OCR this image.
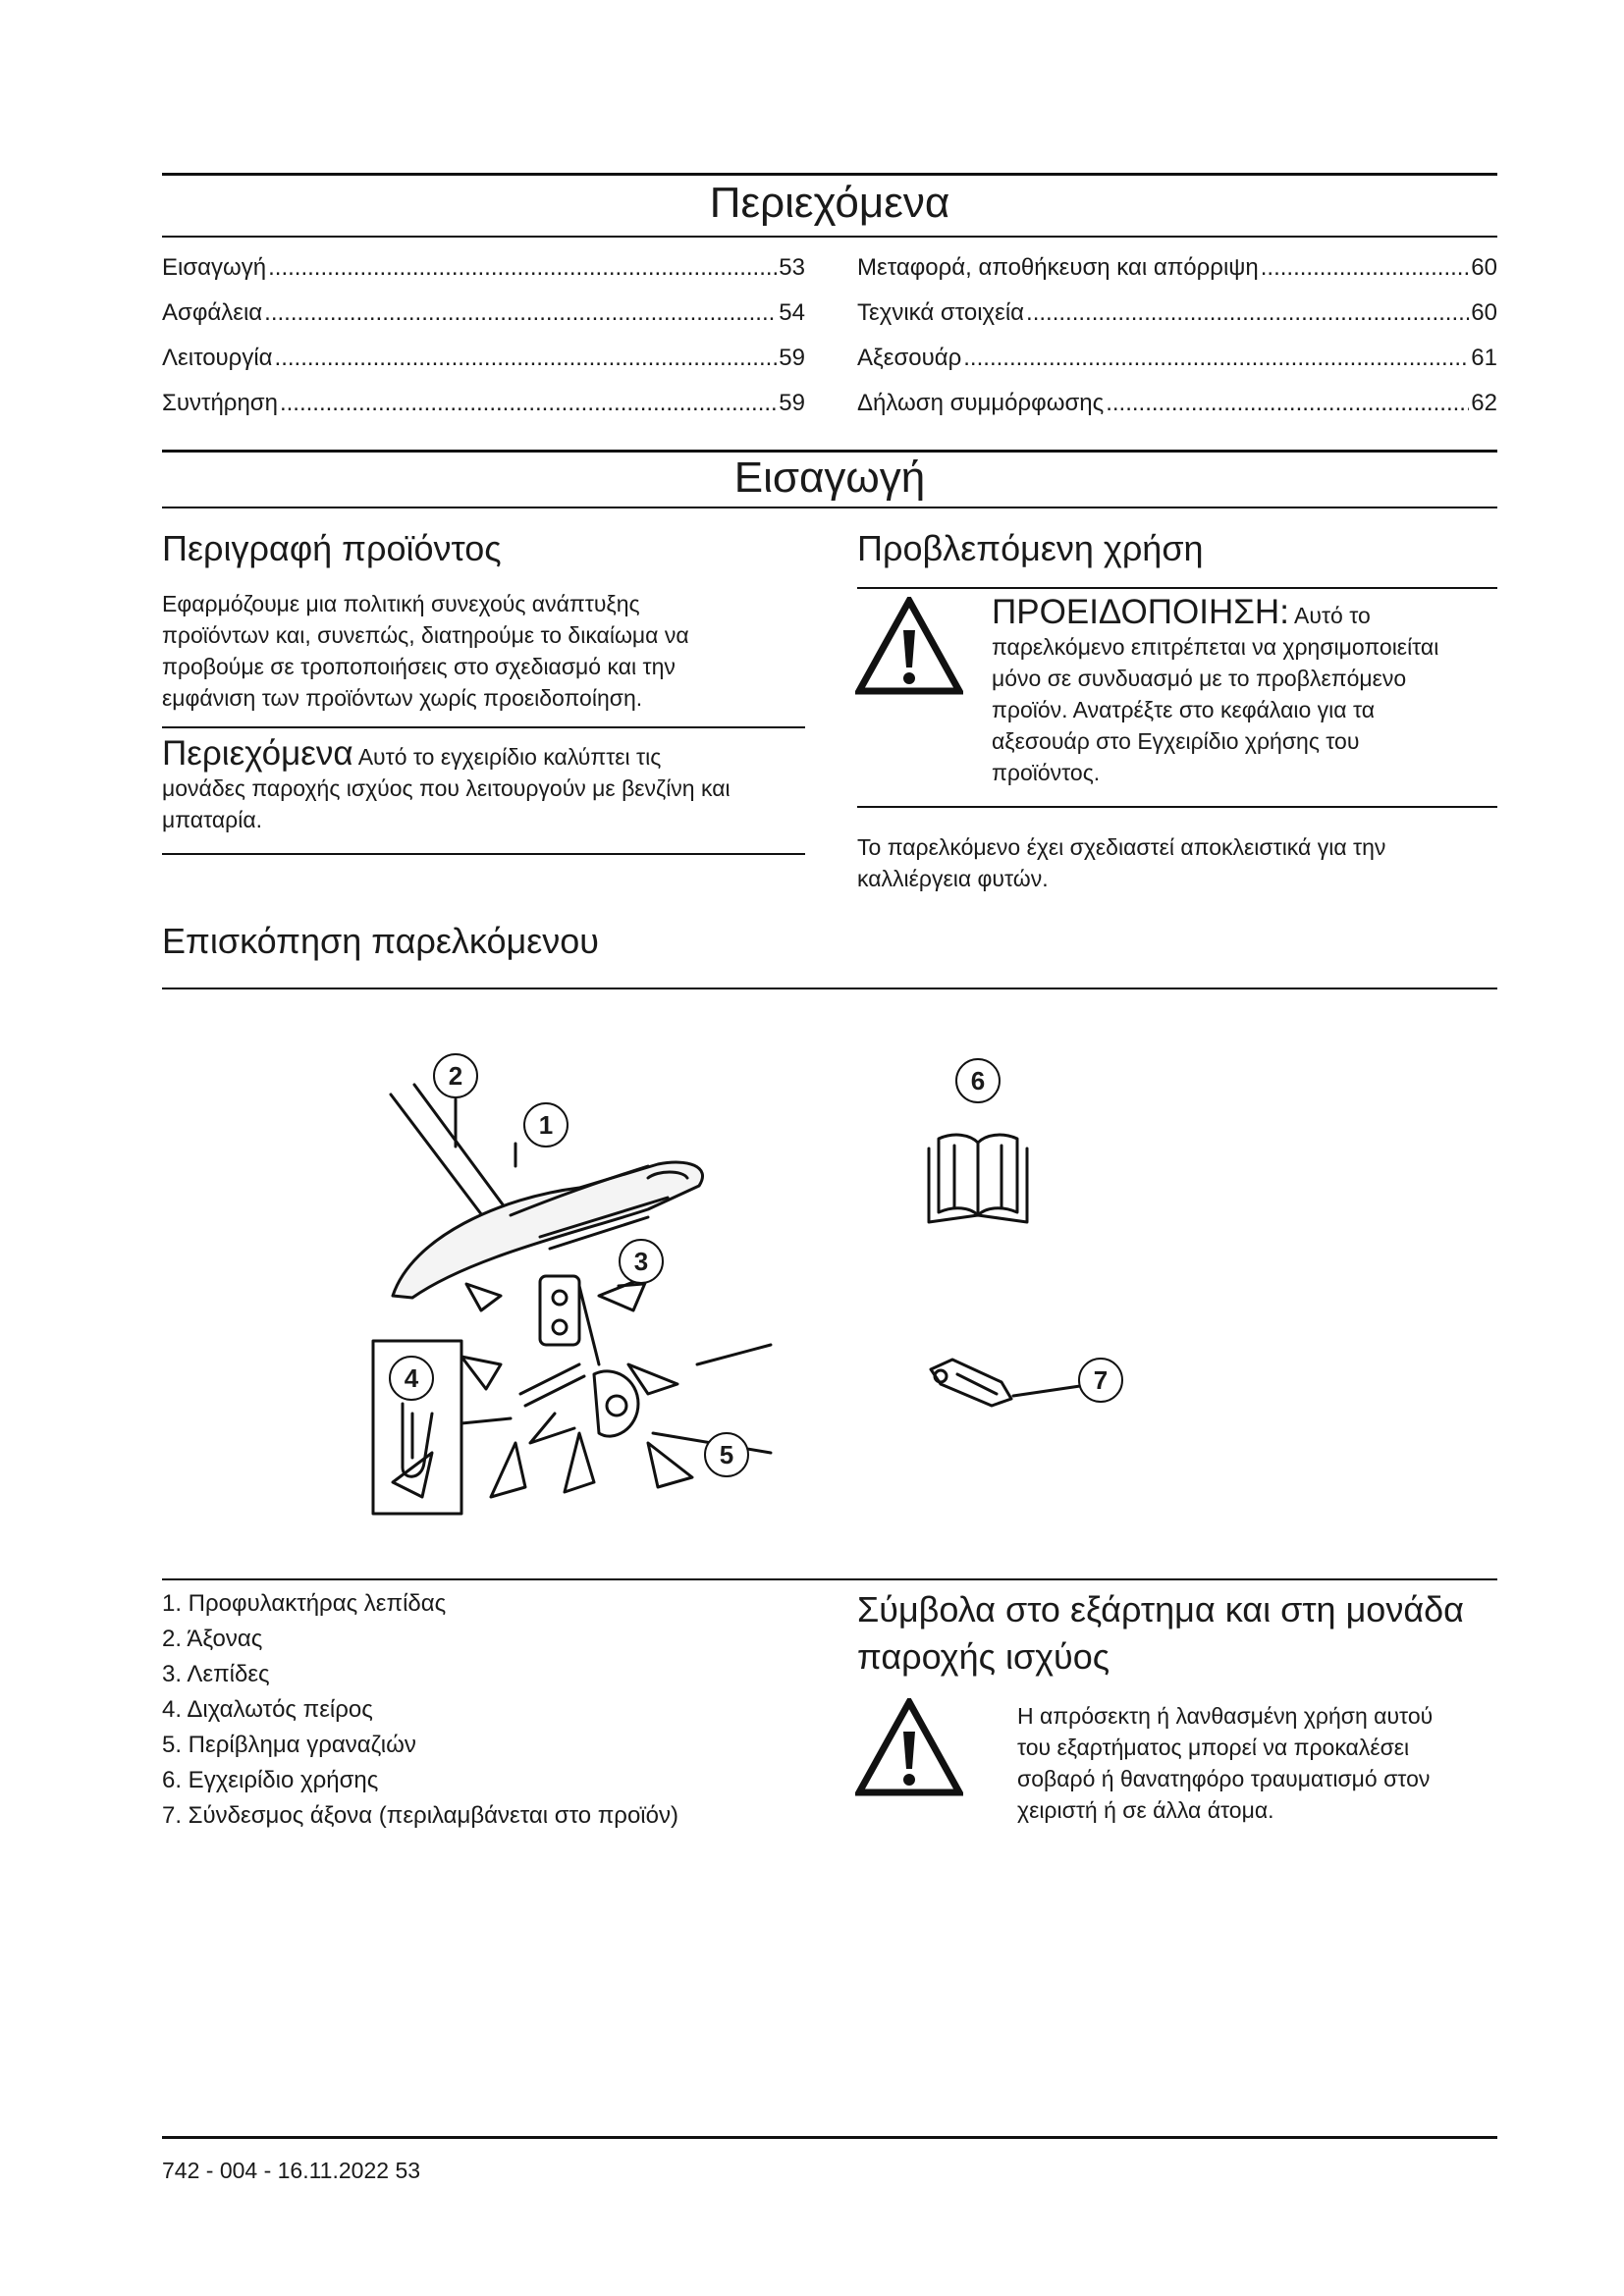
Περιεχόμενα
Εισαγωγή .....	53
Ασφάλεια .....	54
Λειτουργία .....	59
Συντήρηση .....	59
Μεταφορά, αποθήκευση και απόρριψη .....	60
Τεχνικά στοιχεία .....	60
Αξεσουάρ .....	61
Δήλωση συμμόρφωσης .....	62
Εισαγωγή
Περιγραφή προϊόντος
Εφαρμόζουμε μια πολιτική συνεχούς ανάπτυξης
προϊόντων και, συνεπώς, διατηρούμε το δικαίωμα να
προβούμε σε τροποποιήσεις στο σχεδιασμό και την
εμφάνιση των προϊόντων χωρίς προειδοποίηση.
Περιεχόμενα Αυτό το εγχειρίδιο καλύπτει τις
μονάδες παροχής ισχύος που λειτουργούν με βενζίνη και
μπαταρία.
Προβλεπόμενη χρήση
ΠΡΟΕΙΔΟΠΟΙΗΣΗ: Αυτό το
παρελκόμενο επιτρέπεται να χρησιμοποιείται
μόνο σε συνδυασμό με το προβλεπόμενο
προϊόν. Ανατρέξτε στο κεφάλαιο για τα
αξεσουάρ στο Εγχειρίδιο χρήσης του
προϊόντος.
Το παρελκόμενο έχει σχεδιαστεί αποκλειστικά για την
καλλιέργεια φυτών.
Επισκόπηση παρελκόμενου
2
1
3
4
5
6
7
1. Προφυλακτήρας λεπίδας
2. Άξονας
3. Λεπίδες
4. Διχαλωτός πείρος
5. Περίβλημα γραναζιών
6. Εγχειρίδιο χρήσης
7. Σύνδεσμος άξονα (περιλαμβάνεται στο προϊόν)
Σύμβολα στο εξάρτημα και στη μονάδα
παροχής ισχύος
Η απρόσεκτη ή λανθασμένη χρήση αυτού
του εξαρτήματος μπορεί να προκαλέσει
σοβαρό ή θανατηφόρο τραυματισμό στον
χειριστή ή σε άλλα άτομα.
742 - 004 - 16.11.2022 53
